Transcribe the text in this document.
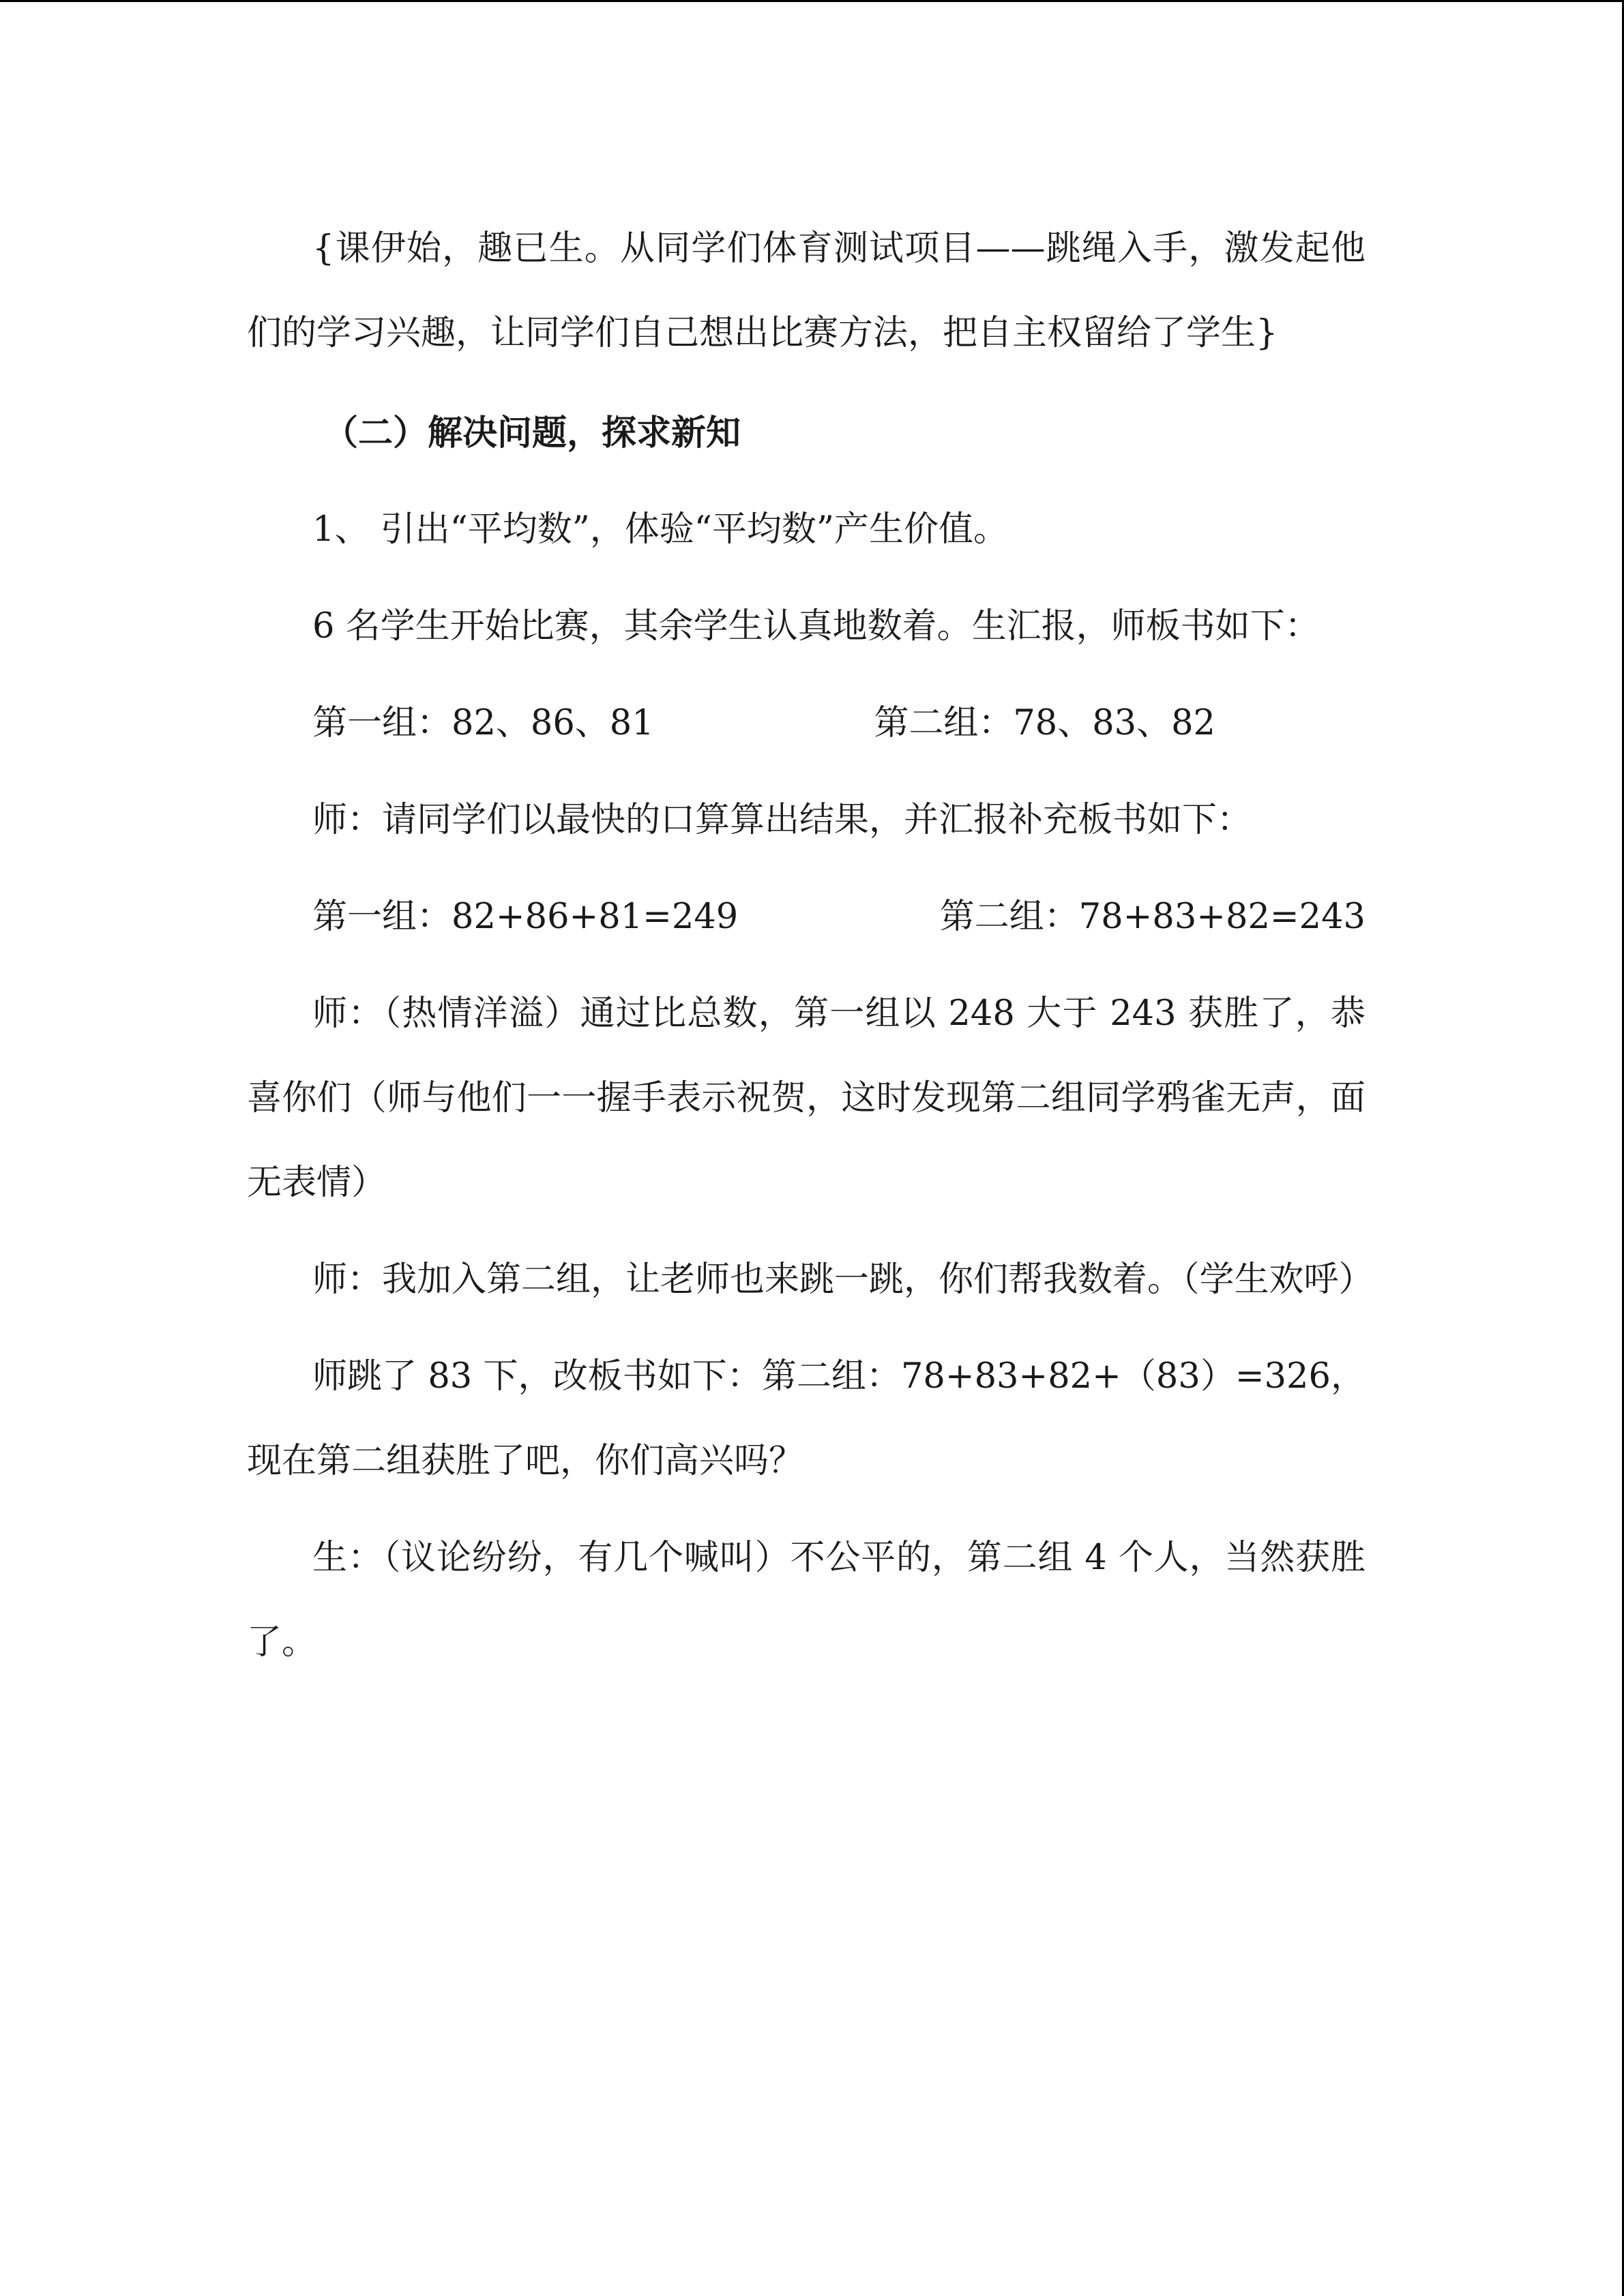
{课伊始，趣已生。从同学们体育测试项目——跳绳入手，激发起他们的学习兴趣，让同学们自己想出比赛方法，把自主权留给了学生}

（二）解决问题，探求新知

1、 引出“平均数”，体验“平均数”产生价值。

6 名学生开始比赛，其余学生认真地数着。生汇报，师板书如下：

第一组：82、86、81	第二组：78、83、82

师：请同学们以最快的口算算出结果，并汇报补充板书如下：

第一组：82+86+81=249	第二组：78+83+82=243

师：（热情洋溢）通过比总数，第一组以 248 大于 243 获胜了，恭喜你们（师与他们一一握手表示祝贺，这时发现第二组同学鸦雀无声，面无表情）

师：我加入第二组，让老师也来跳一跳，你们帮我数着。（学生欢呼）

师跳了 83 下，改板书如下：第二组：78+83+82+（83）=326，现在第二组获胜了吧，你们高兴吗？

生：（议论纷纷，有几个喊叫）不公平的，第二组 4 个人，当然获胜了。
